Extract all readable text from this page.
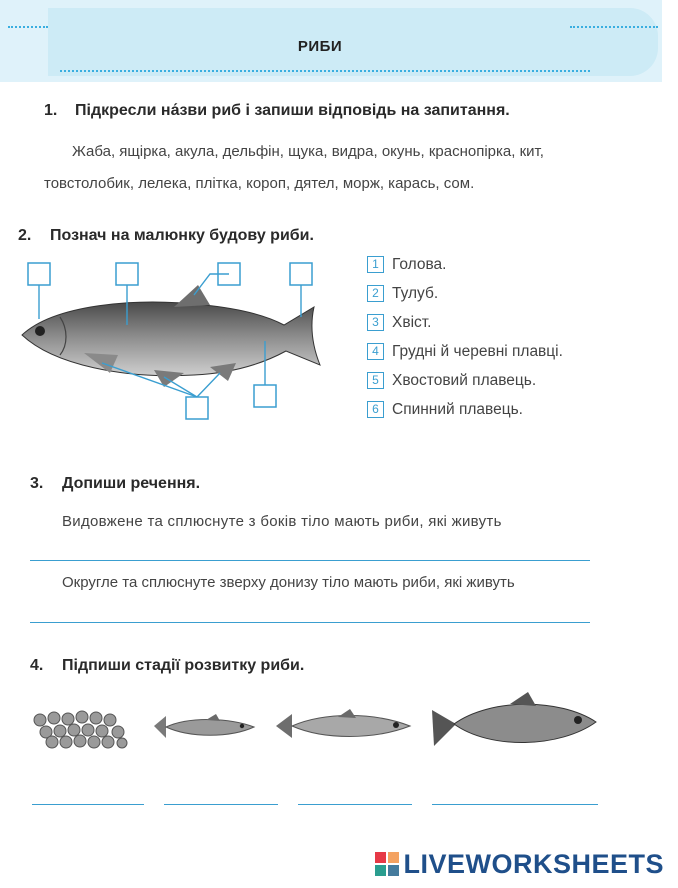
РИБИ
1. Підкресли на́зви риб і запиши відповідь на запитання.
Жаба, ящірка, акула, дельфін, щука, видра, окунь, краснопірка, кит,
товстолобик, лелека, плітка, короп, дятел, морж, карась, сом.
2. Познач на малюнку будову риби.
1 Голова.
2 Тулуб.
3 Хвіст.
4 Грудні й черевні плавці.
5 Хвостовий плавець.
6 Спинний плавець.
3. Допиши речення.
Видовжене та сплюснуте з боків тіло мають риби, які живуть
Округле та сплюснуте зверху донизу тіло мають риби, які живуть
4. Підпиши стадії розвитку риби.
LIVEWORKSHEETS
